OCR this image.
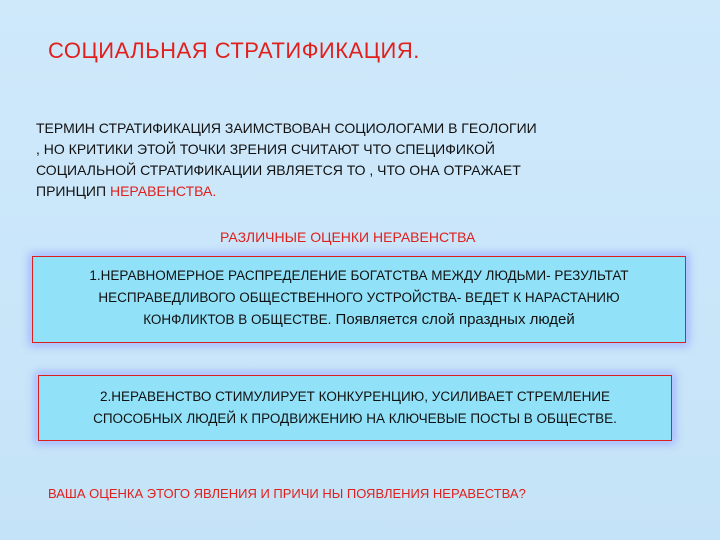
СОЦИАЛЬНАЯ СТРАТИФИКАЦИЯ.
ТЕРМИН СТРАТИФИКАЦИЯ ЗАИМСТВОВАН СОЦИОЛОГАМИ В ГЕОЛОГИИ
, НО КРИТИКИ ЭТОЙ ТОЧКИ ЗРЕНИЯ СЧИТАЮТ ЧТО СПЕЦИФИКОЙ
СОЦИАЛЬНОЙ СТРАТИФИКАЦИИ ЯВЛЯЕТСЯ ТО , ЧТО ОНА ОТРАЖАЕТ
ПРИНЦИП НЕРАВЕНСТВА.
РАЗЛИЧНЫЕ ОЦЕНКИ НЕРАВЕНСТВА
1.НЕРАВНОМЕРНОЕ РАСПРЕДЕЛЕНИЕ БОГАТСТВА МЕЖДУ ЛЮДЬМИ- РЕЗУЛЬТАТ
НЕСПРАВЕДЛИВОГО ОБЩЕСТВЕННОГО УСТРОЙСТВА- ВЕДЕТ К НАРАСТАНИЮ
КОНФЛИКТОВ В ОБЩЕСТВЕ. Появляется слой праздных людей
2.НЕРАВЕНСТВО СТИМУЛИРУЕТ КОНКУРЕНЦИЮ, УСИЛИВАЕТ СТРЕМЛЕНИЕ
СПОСОБНЫХ ЛЮДЕЙ К ПРОДВИЖЕНИЮ НА КЛЮЧЕВЫЕ ПОСТЫ В ОБЩЕСТВЕ.
ВАША ОЦЕНКА ЭТОГО ЯВЛЕНИЯ И ПРИЧИ НЫ ПОЯВЛЕНИЯ НЕРАВЕСТВА?
